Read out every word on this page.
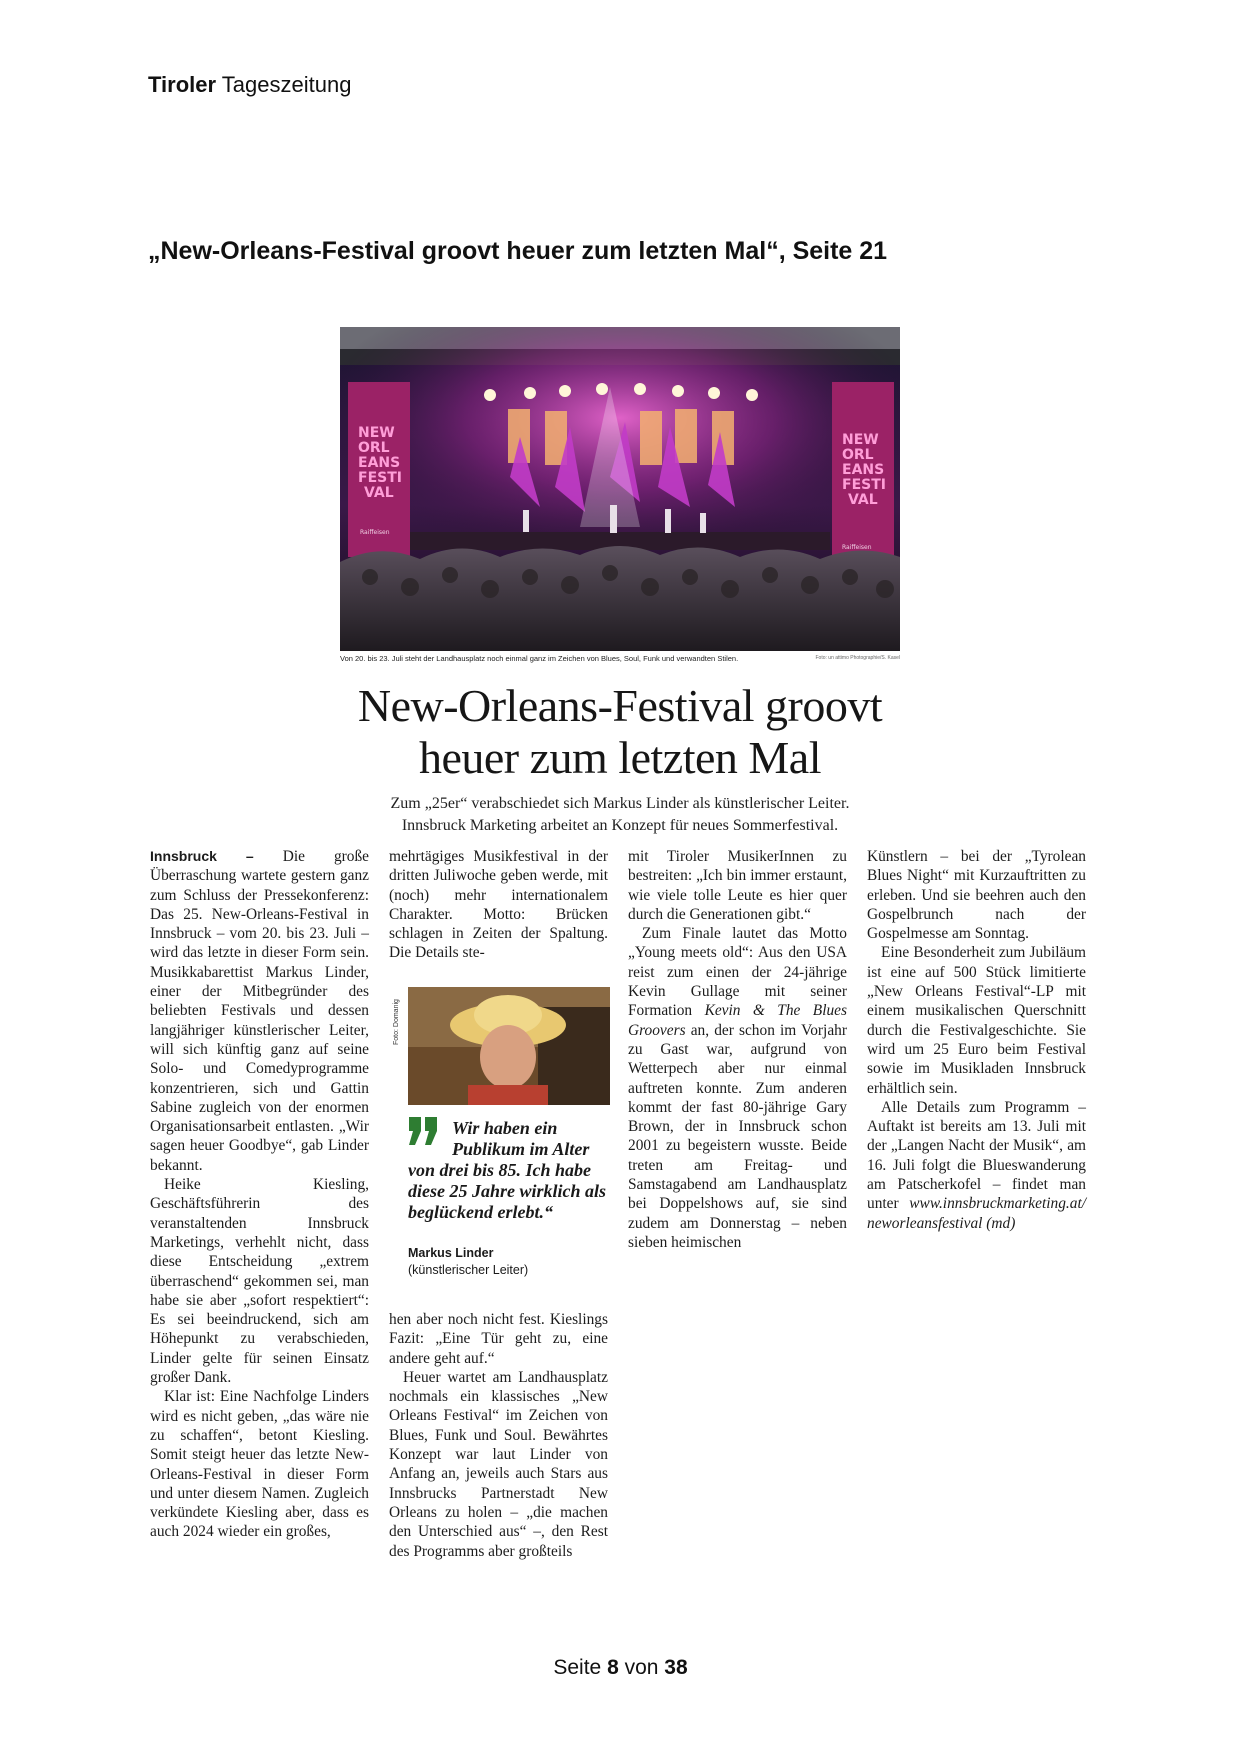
Tiroler Tageszeitung
„New-Orleans-Festival groovt heuer zum letzten Mal“, Seite 21
NEW
ORL
EANS
FESTI
VAL
NEW
ORL
EANS
FESTI
VAL
Raiffeisen
Raiffeisen
Von 20. bis 23. Juli steht der Landhausplatz noch einmal ganz im Zeichen von Blues, Soul, Funk und verwandten Stilen.	Foto: un attimo Photographie/S. Kasel
New-Orleans-Festival groovt
heuer zum letzten Mal
Zum „25er“ verabschiedet sich Markus Linder als künstlerischer Leiter.
Innsbruck Marketing arbeitet an Konzept für neues Sommerfestival.

Innsbruck – Die große Überraschung wartete gestern ganz zum Schluss der Pressekonferenz: Das 25. New-Orleans-Festival in Innsbruck – vom 20. bis 23. Juli – wird das letzte in dieser Form sein. Musikkabarettist Markus Linder, einer der Mitbegründer des beliebten Festivals und dessen langjähriger künstlerischer Leiter, will sich künftig ganz auf seine Solo- und Comedyprogramme konzentrieren, sich und Gattin Sabine zugleich von der enormen Organisationsarbeit entlasten. „Wir sagen heuer Goodbye“, gab Linder bekannt.

Heike Kiesling, Geschäftsführerin des veranstaltenden Innsbruck Marketings, verhehlt nicht, dass diese Entscheidung „extrem überraschend“ gekommen sei, man habe sie aber „sofort respektiert“: Es sei beeindruckend, sich am Höhepunkt zu verabschieden, Linder gelte für seinen Einsatz großer Dank.

Klar ist: Eine Nachfolge Linders wird es nicht geben, „das wäre nie zu schaffen“, betont Kiesling. Somit steigt heuer das letzte New-Orleans-Festival in dieser Form und unter diesem Namen. Zugleich verkündete Kiesling aber, dass es auch 2024 wieder ein großes,

mehrtägiges Musikfestival in der dritten Juliwoche geben werde, mit (noch) mehr internationalem Charakter. Motto: Brücken schlagen in Zeiten der Spaltung. Die Details ste-

Foto: Domanig
Wir haben ein
Publikum im Alter
von drei bis 85. Ich habe diese 25 Jahre wirklich als beglückend erlebt.“
Markus Linder
(künstlerischer Leiter)

hen aber noch nicht fest. Kieslings Fazit: „Eine Tür geht zu, eine andere geht auf.“

Heuer wartet am Landhausplatz nochmals ein klassisches „New Orleans Festival“ im Zeichen von Blues, Funk und Soul. Bewährtes Konzept war laut Linder von Anfang an, jeweils auch Stars aus Innsbrucks Partnerstadt New Orleans zu holen – „die machen den Unterschied aus“ –, den Rest des Programms aber großteils

mit Tiroler MusikerInnen zu bestreiten: „Ich bin immer erstaunt, wie viele tolle Leute es hier quer durch die Generationen gibt.“

Zum Finale lautet das Motto „Young meets old“: Aus den USA reist zum einen der 24-jährige Kevin Gullage mit seiner Formation Kevin & The Blues Groovers an, der schon im Vorjahr zu Gast war, aufgrund von Wetterpech aber nur einmal auftreten konnte. Zum anderen kommt der fast 80-jährige Gary Brown, der in Innsbruck schon 2001 zu begeistern wusste. Beide treten am Freitag- und Samstagabend am Landhausplatz bei Doppelshows auf, sie sind zudem am Donnerstag – neben sieben heimischen

Künstlern – bei der „Tyrolean Blues Night“ mit Kurzauftritten zu erleben. Und sie beehren auch den Gospelbrunch nach der Gospelmesse am Sonntag.

Eine Besonderheit zum Jubiläum ist eine auf 500 Stück limitierte „New Orleans Festival“-LP mit einem musikalischen Querschnitt durch die Festivalgeschichte. Sie wird um 25 Euro beim Festival sowie im Musikladen Innsbruck erhältlich sein.

Alle Details zum Programm – Auftakt ist bereits am 13. Juli mit der „Langen Nacht der Musik“, am 16. Juli folgt die Blueswanderung am Patscherkofel – findet man unter www.innsbruckmarketing.at/ neworleansfestival (md)

Seite 8 von 38
